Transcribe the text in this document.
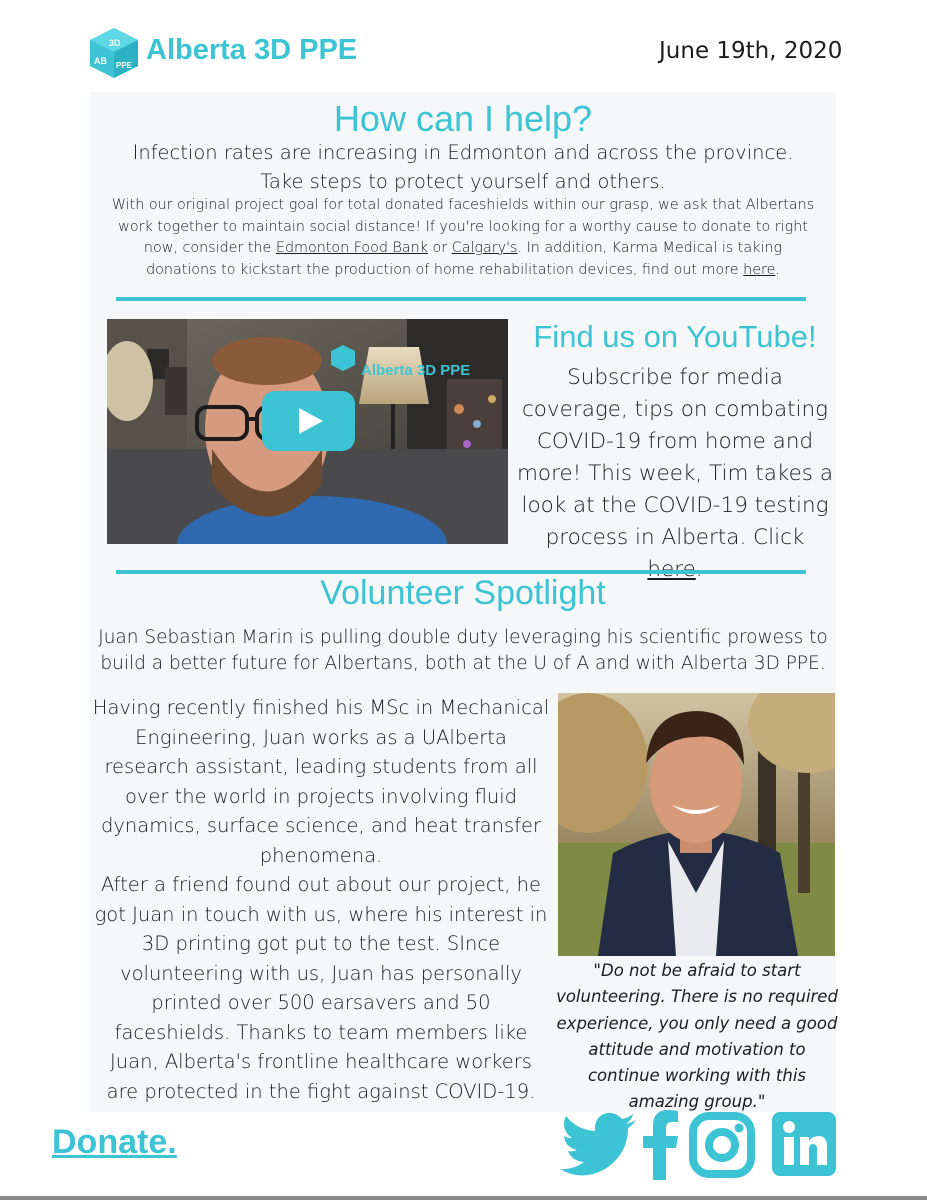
3D
AB PPE Alberta 3D PPE	June 19th, 2020
How can I help?
Infection rates are increasing in Edmonton and across the province. Take steps to protect yourself and others.
With our original project goal for total donated faceshields within our grasp, we ask that Albertans work together to maintain social distance! If you're looking for a worthy cause to donate to right now, consider the Edmonton Food Bank or Calgary's. In addition, Karma Medical is taking donations to kickstart the production of home rehabilitation devices, find out more here.
Alberta 3D PPE
Find us on YouTube!
Subscribe for media coverage, tips on combating COVID-19 from home and more! This week, Tim takes a look at the COVID-19 testing process in Alberta. Click
Volunteer Spotlight
Juan Sebastian Marin is pulling double duty leveraging his scientific prowess to build a better future for Albertans, both at the U of A and with Alberta 3D PPE.
Having recently finished his MSc in Mechanical Engineering, Juan works as a UAlberta research assistant, leading students from all over the world in projects involving fluid dynamics, surface science, and heat transfer phenomena.
After a friend found out about our project, he got Juan in touch with us, where his interest in 3D printing got put to the test. SInce volunteering with us, Juan has personally printed over 500 earsavers and 50 faceshields. Thanks to team members like Juan, Alberta's frontline healthcare workers are protected in the fight against COVID-19.
"Do not be afraid to start volunteering. There is no required experience, you only need a good attitude and motivation to continue working with this amazing group."
Donate.
